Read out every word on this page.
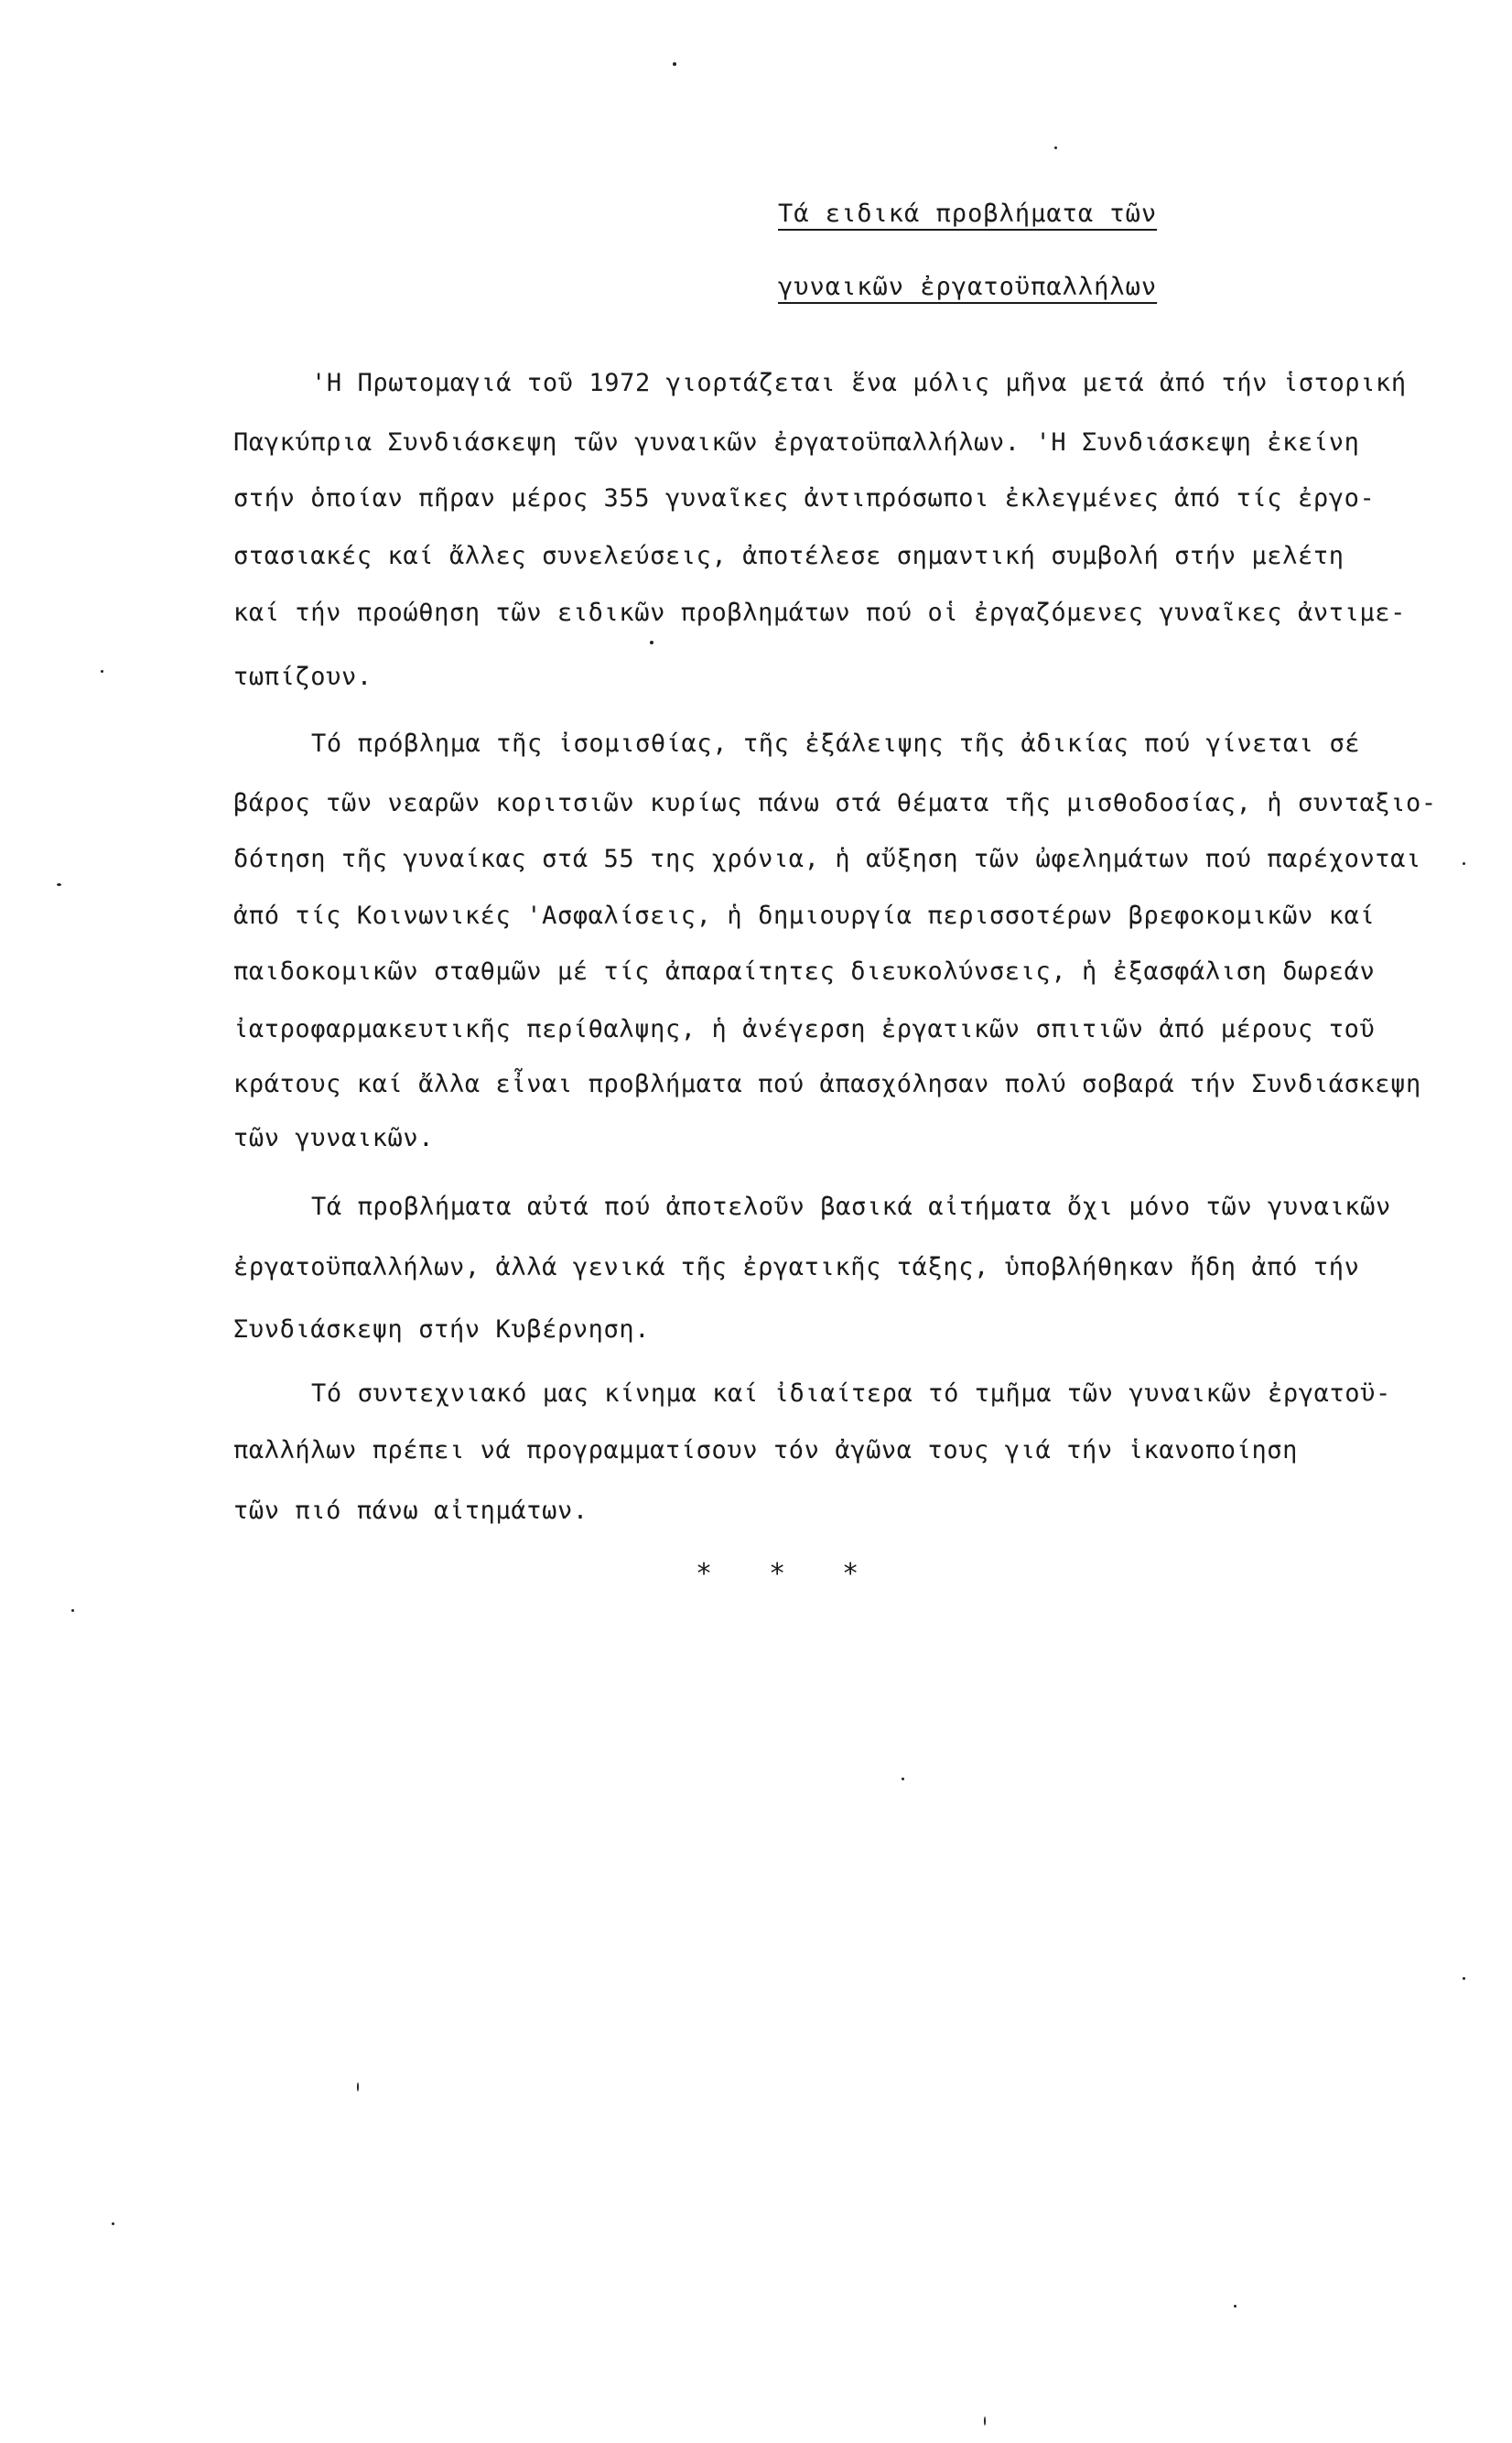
Τά ειδικά προβλήματα τῶν
γυναικῶν ἐργατοϋπαλλήλων
'Η Πρωτομαγιά τοῦ 1972 γιορτάζεται ἕνα μόλις μῆνα μετά ἀπό τήν ἱστορική
Παγκύπρια Συνδιάσκεψη τῶν γυναικῶν ἐργατοϋπαλλήλων. 'Η Συνδιάσκεψη ἐκείνη
στήν ὁποίαν πῆραν μέρος 355 γυναῖκες ἀντιπρόσωποι ἐκλεγμένες ἀπό τίς ἐργο-
στασιακές καί ἄλλες συνελεύσεις, ἀποτέλεσε σημαντική συμβολή στήν μελέτη
καί τήν προώθηση τῶν ειδικῶν προβλημάτων πού οἱ ἐργαζόμενες γυναῖκες ἀντιμε-
τωπίζουν.
Τό πρόβλημα τῆς ἰσομισθίας, τῆς ἐξάλειψης τῆς ἀδικίας πού γίνεται σέ
βάρος τῶν νεαρῶν κοριτσιῶν κυρίως πάνω στά θέματα τῆς μισθοδοσίας, ἡ συνταξιο-
δότηση τῆς γυναίκας στά 55 της χρόνια, ἡ αὔξηση τῶν ὠφελημάτων πού παρέχονται
ἀπό τίς Κοινωνικές 'Ασφαλίσεις, ἡ δημιουργία περισσοτέρων βρεφοκομικῶν καί
παιδοκομικῶν σταθμῶν μέ τίς ἀπαραίτητες διευκολύνσεις, ἡ ἐξασφάλιση δωρεάν
ἰατροφαρμακευτικῆς περίθαλψης, ἡ ἀνέγερση ἐργατικῶν σπιτιῶν ἀπό μέρους τοῦ
κράτους καί ἄλλα εἶναι προβλήματα πού ἀπασχόλησαν πολύ σοβαρά τήν Συνδιάσκεψη
τῶν γυναικῶν.
Τά προβλήματα αὐτά πού ἀποτελοῦν βασικά αἰτήματα ὄχι μόνο τῶν γυναικῶν
ἐργατοϋπαλλήλων, ἀλλά γενικά τῆς ἐργατικῆς τάξης, ὑποβλήθηκαν ἤδη ἀπό τήν
Συνδιάσκεψη στήν Κυβέρνηση.
Τό συντεχνιακό μας κίνημα καί ἰδιαίτερα τό τμῆμα τῶν γυναικῶν ἐργατοϋ-
παλλήλων πρέπει νά προγραμματίσουν τόν ἀγῶνα τους γιά τήν ἱκανοποίηση
τῶν πιό πάνω αἰτημάτων.
* * *
